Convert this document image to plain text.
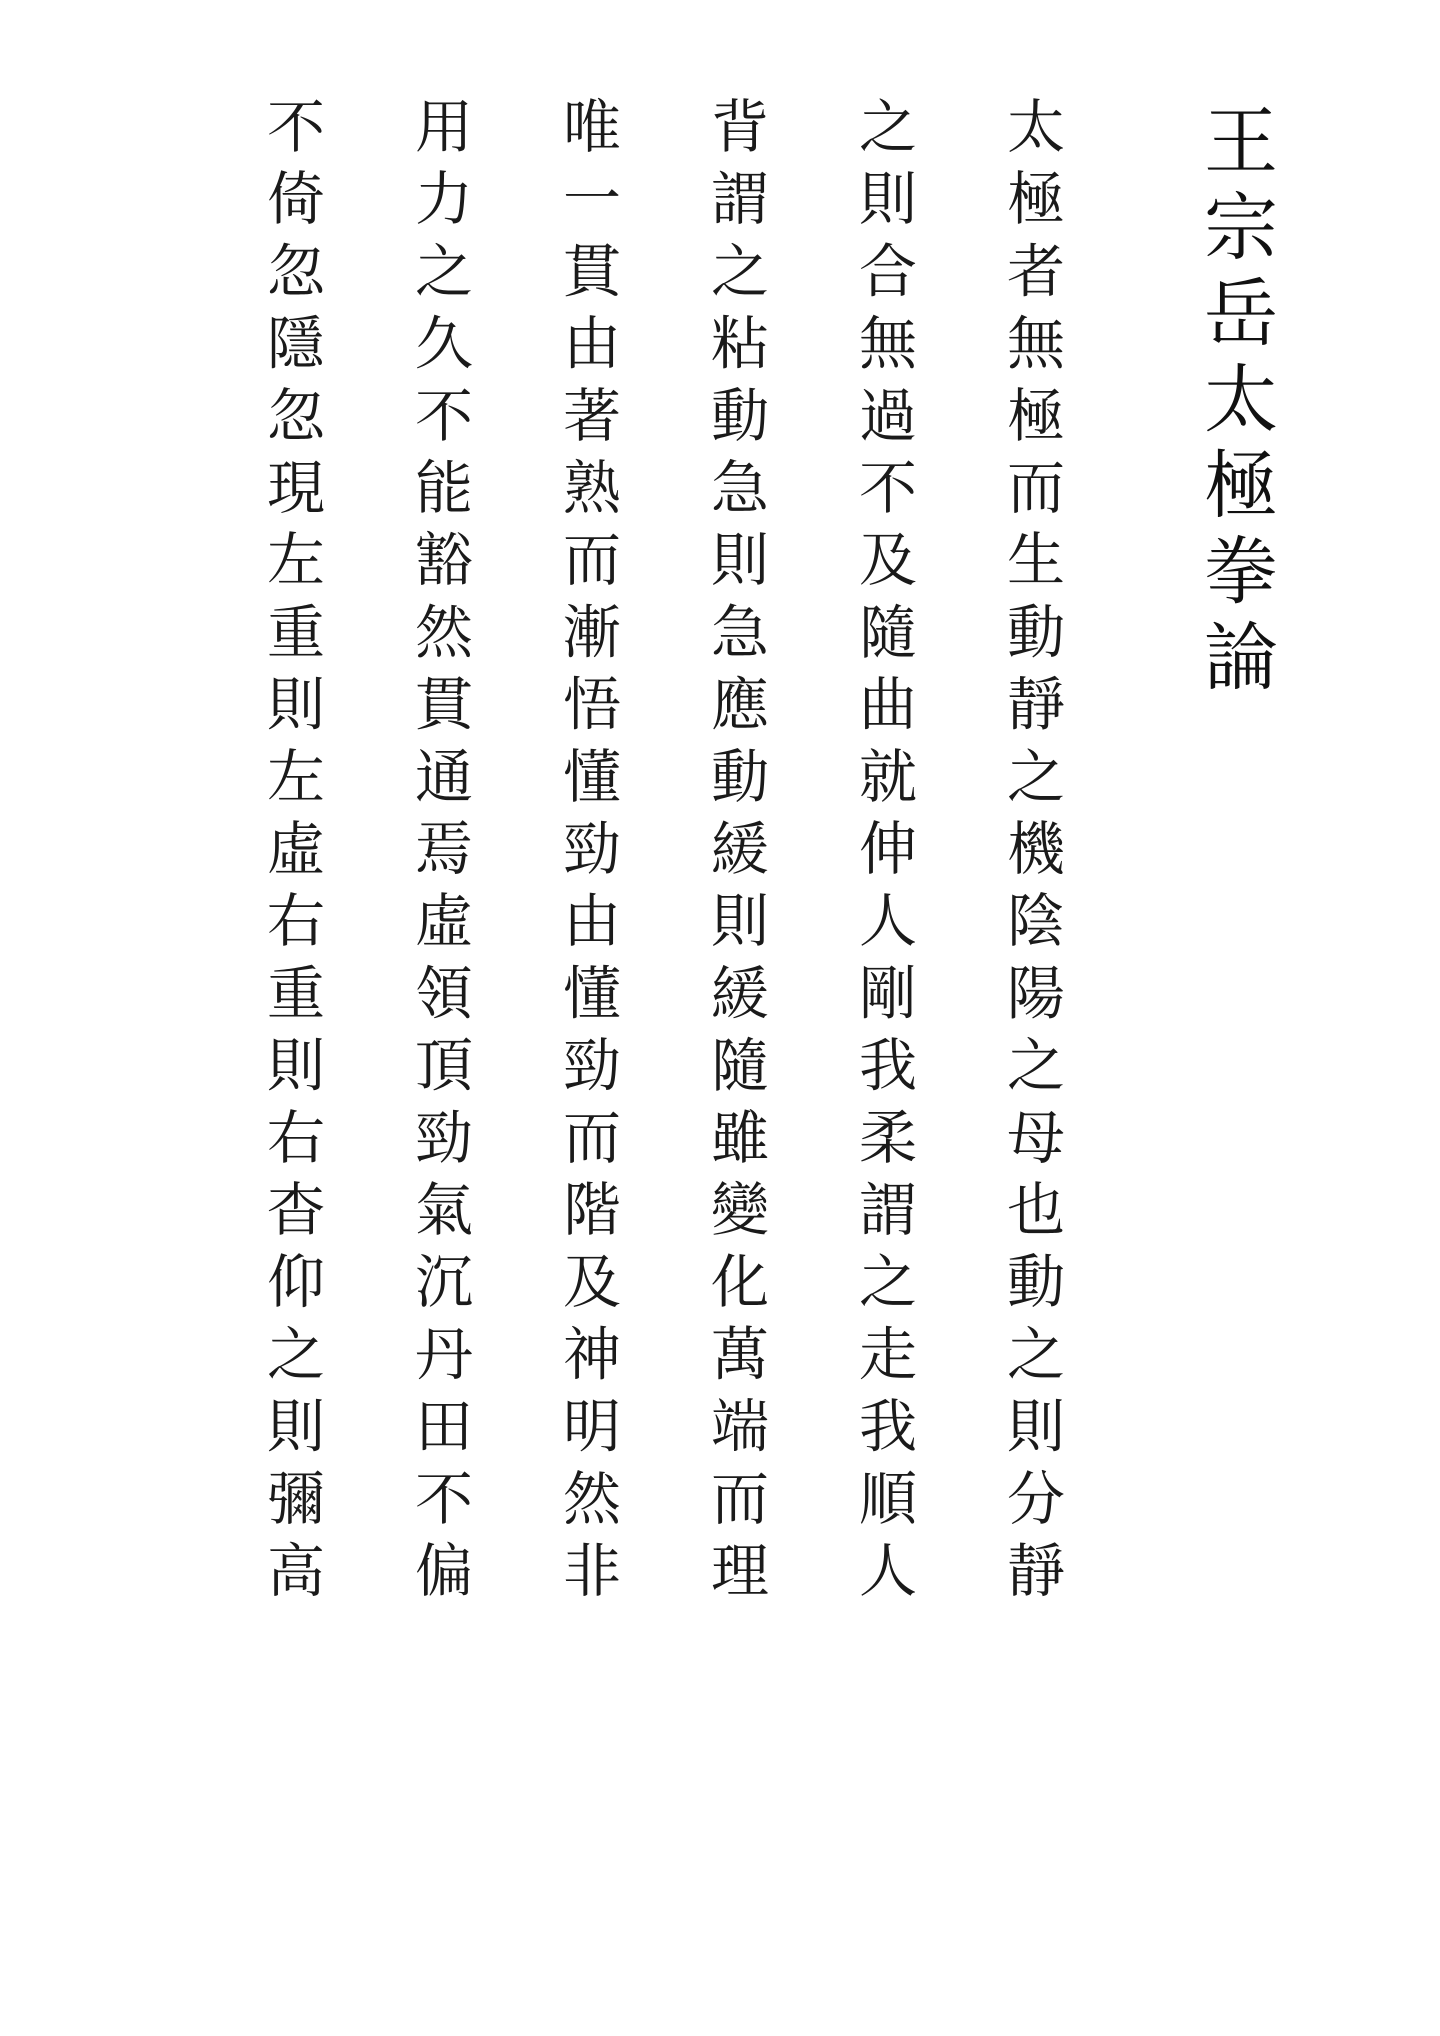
王宗岳太極拳論
太極者無極而生動靜之機陰陽之母也動之則分靜
之則合無過不及隨曲就伸人剛我柔謂之走我順人
背謂之粘動急則急應動緩則緩隨雖變化萬端而理
唯一貫由著熟而漸悟懂勁由懂勁而階及神明然非
用力之久不能豁然貫通焉虛領頂勁氣沉丹田不偏
不倚忽隱忽現左重則左虛右重則右杳仰之則彌高
